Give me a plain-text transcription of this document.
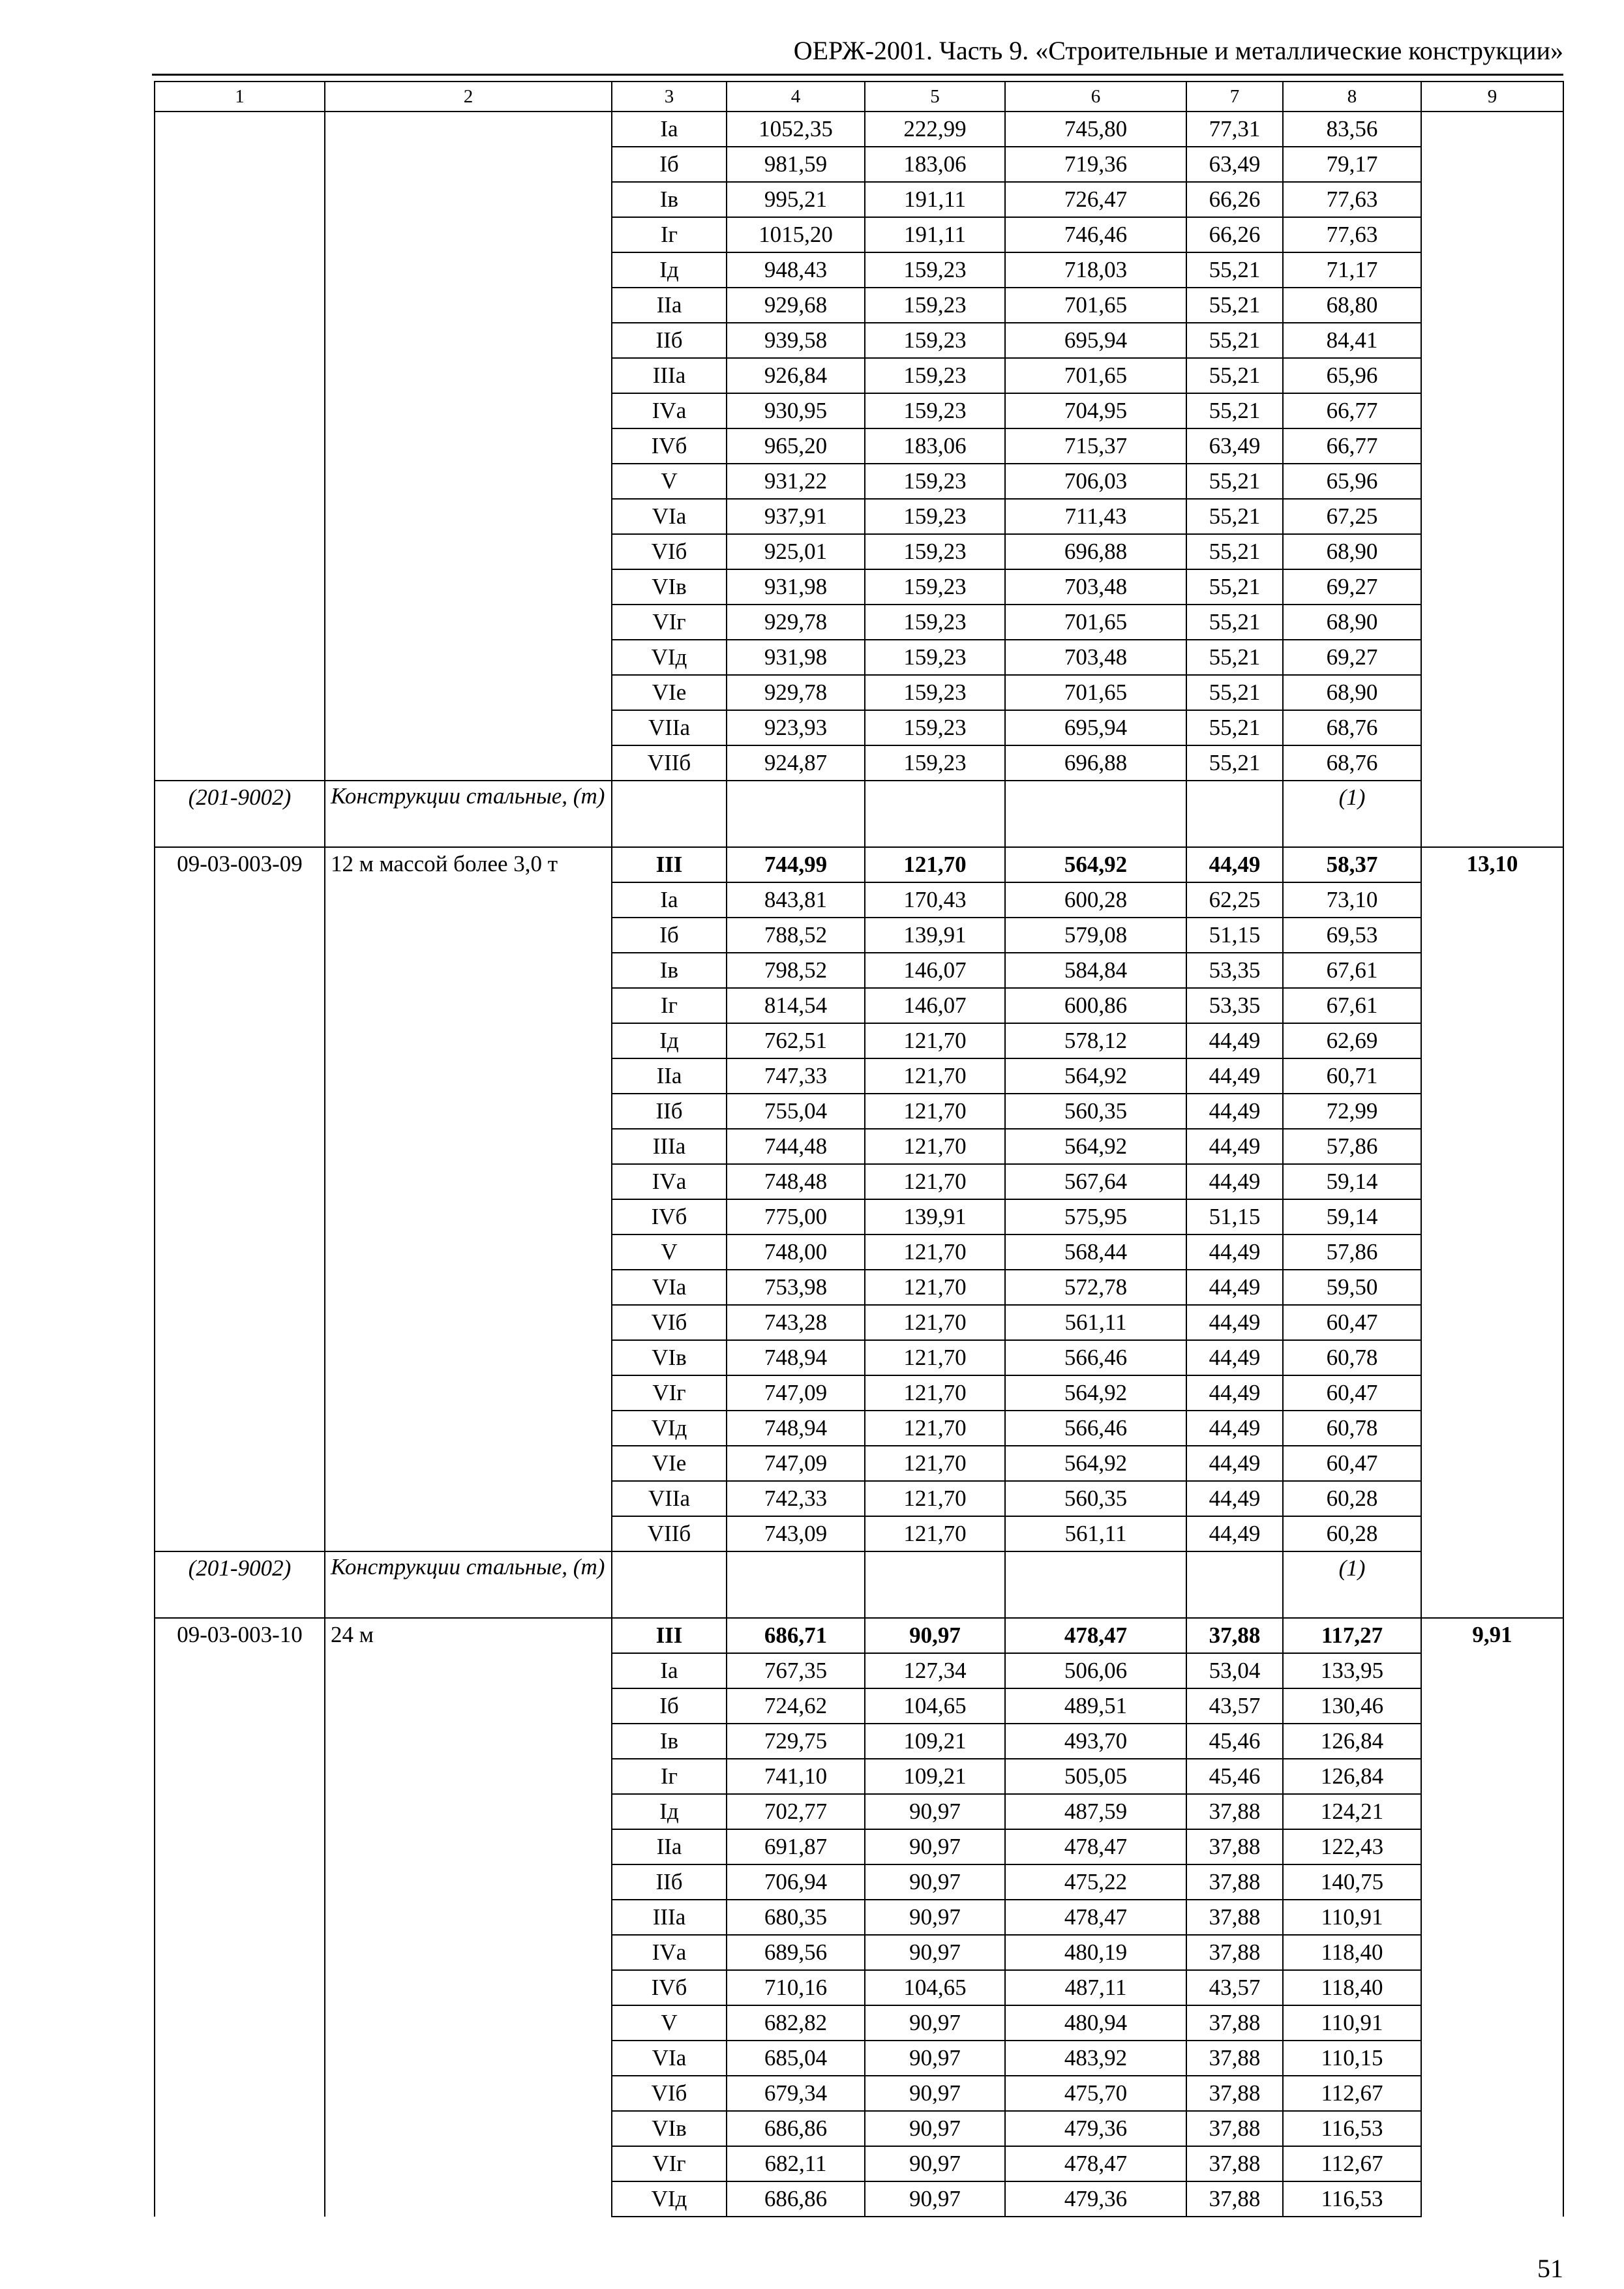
ОЕРЖ-2001. Часть 9. «Строительные и металлические конструкции»
1	2	3	4	5	6	7	8	9
		Iа	1052,35	222,99	745,80	77,31	83,56	
		Iб	981,59	183,06	719,36	63,49	79,17	
		Iв	995,21	191,11	726,47	66,26	77,63	
		Iг	1015,20	191,11	746,46	66,26	77,63	
		Iд	948,43	159,23	718,03	55,21	71,17	
		IIа	929,68	159,23	701,65	55,21	68,80	
		IIб	939,58	159,23	695,94	55,21	84,41	
		IIIа	926,84	159,23	701,65	55,21	65,96	
		IVа	930,95	159,23	704,95	55,21	66,77	
		IVб	965,20	183,06	715,37	63,49	66,77	
		V	931,22	159,23	706,03	55,21	65,96	
		VIа	937,91	159,23	711,43	55,21	67,25	
		VIб	925,01	159,23	696,88	55,21	68,90	
		VIв	931,98	159,23	703,48	55,21	69,27	
		VIг	929,78	159,23	701,65	55,21	68,90	
		VIд	931,98	159,23	703,48	55,21	69,27	
		VIе	929,78	159,23	701,65	55,21	68,90	
		VIIа	923,93	159,23	695,94	55,21	68,76	
		VIIб	924,87	159,23	696,88	55,21	68,76	
(201-9002)	Конструкции стальные, (т)						(1)	
09-03-003-09	12 м массой более 3,0 т	III	744,99	121,70	564,92	44,49	58,37	13,10
		Iа	843,81	170,43	600,28	62,25	73,10	
		Iб	788,52	139,91	579,08	51,15	69,53	
		Iв	798,52	146,07	584,84	53,35	67,61	
		Iг	814,54	146,07	600,86	53,35	67,61	
		Iд	762,51	121,70	578,12	44,49	62,69	
		IIа	747,33	121,70	564,92	44,49	60,71	
		IIб	755,04	121,70	560,35	44,49	72,99	
		IIIа	744,48	121,70	564,92	44,49	57,86	
		IVа	748,48	121,70	567,64	44,49	59,14	
		IVб	775,00	139,91	575,95	51,15	59,14	
		V	748,00	121,70	568,44	44,49	57,86	
		VIа	753,98	121,70	572,78	44,49	59,50	
		VIб	743,28	121,70	561,11	44,49	60,47	
		VIв	748,94	121,70	566,46	44,49	60,78	
		VIг	747,09	121,70	564,92	44,49	60,47	
		VIд	748,94	121,70	566,46	44,49	60,78	
		VIе	747,09	121,70	564,92	44,49	60,47	
		VIIа	742,33	121,70	560,35	44,49	60,28	
		VIIб	743,09	121,70	561,11	44,49	60,28	
(201-9002)	Конструкции стальные, (т)						(1)	
09-03-003-10	24 м	III	686,71	90,97	478,47	37,88	117,27	9,91
		Iа	767,35	127,34	506,06	53,04	133,95	
		Iб	724,62	104,65	489,51	43,57	130,46	
		Iв	729,75	109,21	493,70	45,46	126,84	
		Iг	741,10	109,21	505,05	45,46	126,84	
		Iд	702,77	90,97	487,59	37,88	124,21	
		IIа	691,87	90,97	478,47	37,88	122,43	
		IIб	706,94	90,97	475,22	37,88	140,75	
		IIIа	680,35	90,97	478,47	37,88	110,91	
		IVа	689,56	90,97	480,19	37,88	118,40	
		IVб	710,16	104,65	487,11	43,57	118,40	
		V	682,82	90,97	480,94	37,88	110,91	
		VIа	685,04	90,97	483,92	37,88	110,15	
		VIб	679,34	90,97	475,70	37,88	112,67	
		VIв	686,86	90,97	479,36	37,88	116,53	
		VIг	682,11	90,97	478,47	37,88	112,67	
		VIд	686,86	90,97	479,36	37,88	116,53	
51
